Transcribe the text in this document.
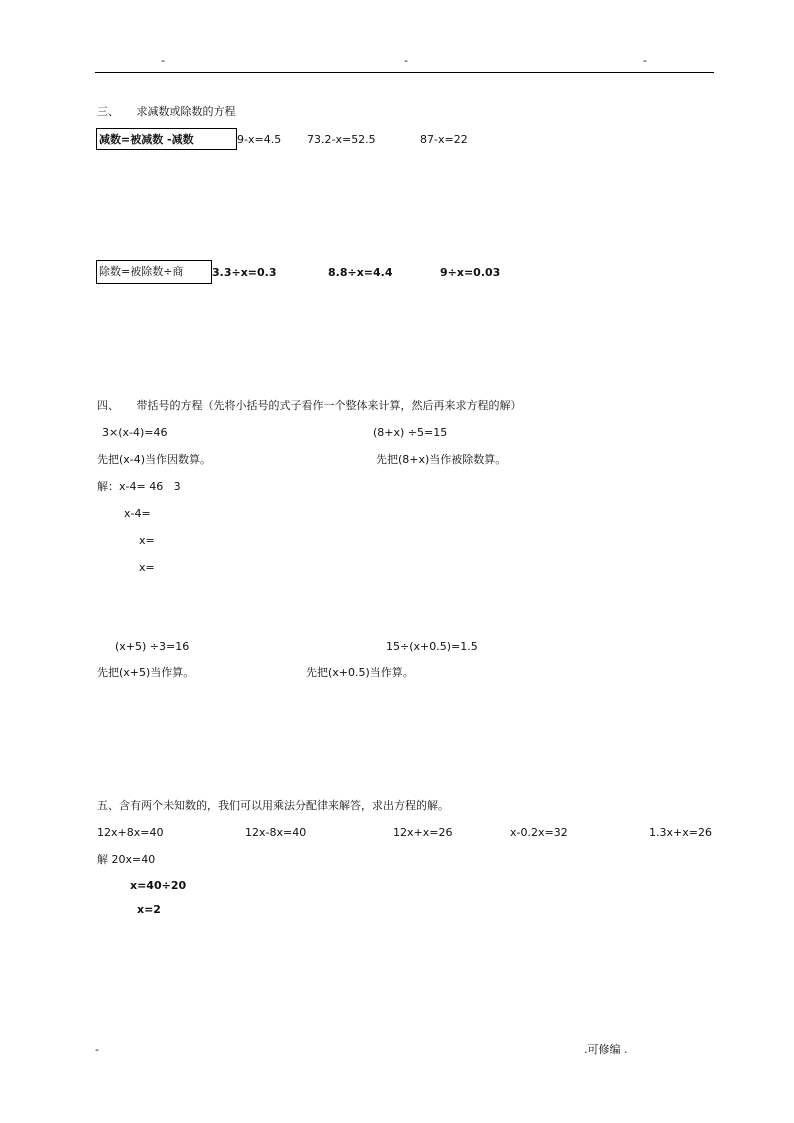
-	-	-
三、     求减数或除数的方程
减数=被减数 -减数	9-x=4.5 73.2-x=52.5	87-x=22
除数=被除数÷商	3.3÷x=0.3	8.8÷x=4.4	9÷x=0.03
四、     带括号的方程（先将小括号的式子看作一个整体来计算，然后再来求方程的解）
3×(x-4)=46	(8+x) ÷5=15
先把(x-4)当作因数算。	先把(8+x)当作被除数算。
解：x-4= 46   3
x-4=
x=
x=
(x+5) ÷3=16	15÷(x+0.5)=1.5
先把(x+5)当作算。	先把(x+0.5)当作算。
五、含有两个未知数的，我们可以用乘法分配律来解答，求出方程的解。
12x+8x=40	12x-8x=40	12x+x=26	x-0.2x=32	1.3x+x=26
解 20x=40
x=40÷20
x=2
-	.可修编 .
